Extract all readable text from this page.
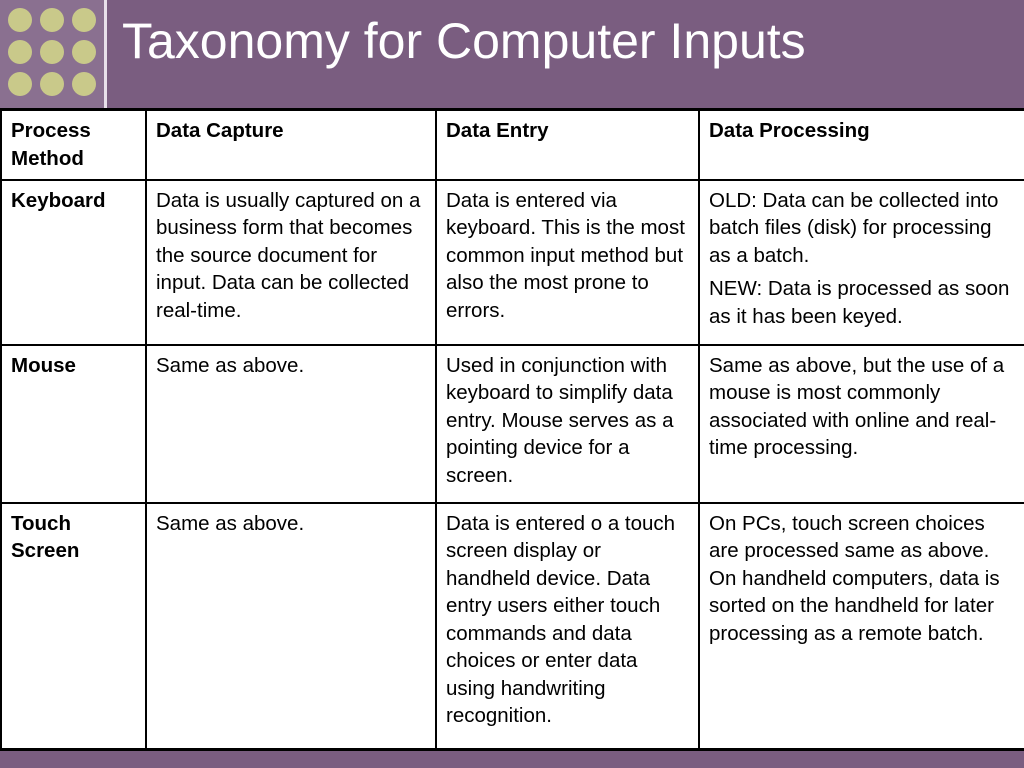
Taxonomy for Computer Inputs
Process Method	Data Capture	Data Entry	Data Processing
Keyboard	Data is usually captured on a business form that becomes the source document for input. Data can be collected real-time.	Data is entered via keyboard. This is the most common input method but also the most prone to errors.	OLD: Data can be collected into batch files (disk) for processing as a batch.

NEW: Data is processed as soon as it has been keyed.

Mouse	Same as above.	Used in conjunction with keyboard to simplify data entry. Mouse serves as a pointing device for a screen.	Same as above, but the use of a mouse is most commonly associated with online and real-time processing.

Touch Screen	Same as above.	Data is entered o a touch screen display or handheld device. Data entry users either touch commands and data choices or enter data using handwriting recognition.	On PCs, touch screen choices are processed same as above. On handheld computers, data is sorted on the handheld for later processing as a remote batch.
